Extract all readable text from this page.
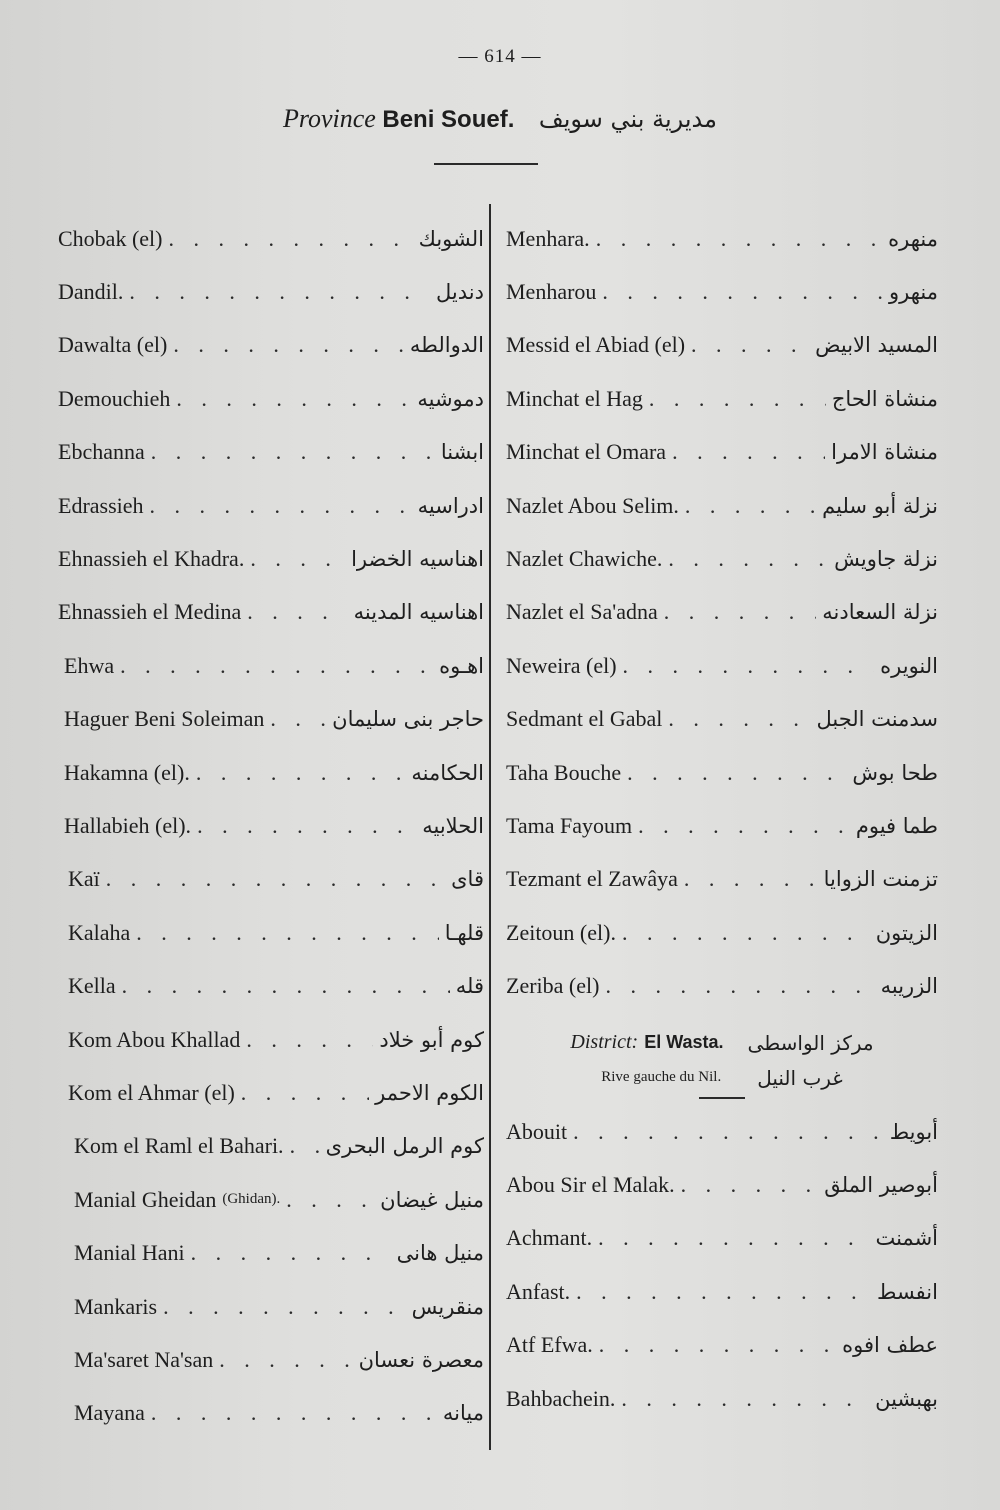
— 614 —
Province Beni Souef. مديرية بني سويف
Chobak (el) . . .	الشوبك
Dandil. . . .	دنديل
Dawalta (el) . . .	الدوالطه
Demouchieh . . .	دموشيه
Ebchanna . . .	ابشنا
Edrassieh . . .	ادراسيه
Ehnassieh el Khadra. . . .	اهناسيه الخضرا
Ehnassieh el Medina . . .	اهناسيه المدينه
Ehwa . . .	اهـوه
Haguer Beni Soleiman . . .	حاجر بنى سليمان
Hakamna (el). . . .	الحكامنه
Hallabieh (el). . . .	الحلابيه
Kaï . . .	قاى
Kalaha . . .	قلهـا
Kella . . .	قله
Kom Abou Khallad . . .	كوم أبو خلاد
Kom el Ahmar (el) . . .	الكوم الاحمر
Kom el Raml el Bahari. . . . كوم الرمل البحرى
Manial Gheidan (Ghidan). . . .	منيل غيضان
Manial Hani . . .	منيل هانى
Mankaris . . .	منقريس
Ma'saret Na'san . . .	معصرة نعسان
Mayana . . .	ميانه
Menhara. . . .	منهره
Menharou . . .	منهرو
Messid el Abiad (el) . . .	المسيد الابيض
Minchat el Hag . . .	منشاة الحاج
Minchat el Omara . . .	منشاة الامرا
Nazlet Abou Selim. . . .	نزلة أبو سليم
Nazlet Chawiche. . . .	نزلة جاويش
Nazlet el Sa'adna . . .	نزلة السعادنه
Neweira (el) . . .	النويره
Sedmant el Gabal . . .	سدمنت الجبل
Taha Bouche . . .	طحا بوش
Tama Fayoum . . .	طما فيوم
Tezmant el Zawâya . . .	تزمنت الزوايا
Zeitoun (el). . . .	الزيتون
Zeriba (el) . . .	الزريبه
District: El Wasta. مركز الواسطى
Rive gauche du Nil. غرب النيل
Abouit . . .	أبويط
Abou Sir el Malak. . . .	أبوصير الملق
Achmant. . . .	أشمنت
Anfast. . . .	انفسط
Atf Efwa. . . .	عطف افوه
Bahbachein. . . .	بهبشين
